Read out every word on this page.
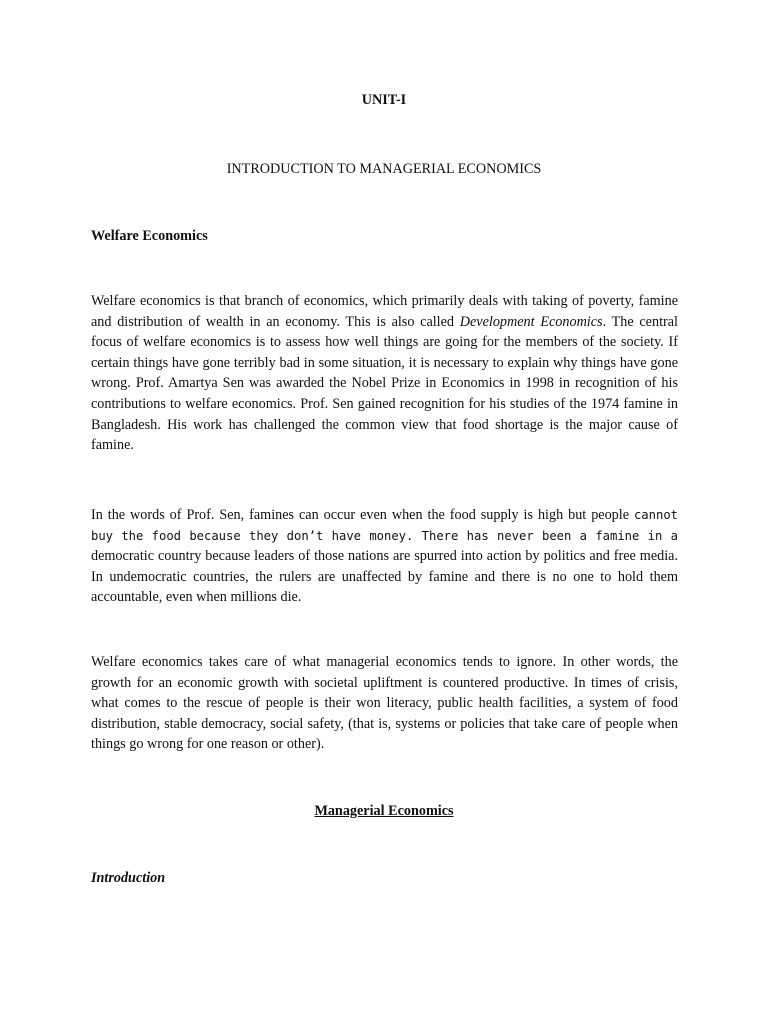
UNIT-I
INTRODUCTION TO MANAGERIAL ECONOMICS
Welfare Economics

Welfare economics is that branch of economics, which primarily deals with taking of poverty, famine and distribution of wealth in an economy. This is also called Development Economics. The central focus of welfare economics is to assess how well things are going for the members of the society. If certain things have gone terribly bad in some situation, it is necessary to explain why things have gone wrong. Prof. Amartya Sen was awarded the Nobel Prize in Economics in 1998 in recognition of his contributions to welfare economics. Prof. Sen gained recognition for his studies of the 1974 famine in Bangladesh. His work has challenged the common view that food shortage is the major cause of famine.

In the words of Prof. Sen, famines can occur even when the food supply is high but people cannot buy the food because they don’t have money. There has never been a famine in a democratic country because leaders of those nations are spurred into action by politics and free media. In undemocratic countries, the rulers are unaffected by famine and there is no one to hold them accountable, even when millions die.

Welfare economics takes care of what managerial economics tends to ignore. In other words, the growth for an economic growth with societal upliftment is countered productive. In times of crisis, what comes to the rescue of people is their won literacy, public health facilities, a system of food distribution, stable democracy, social safety, (that is, systems or policies that take care of people when things go wrong for one reason or other).

Managerial Economics
Introduction
